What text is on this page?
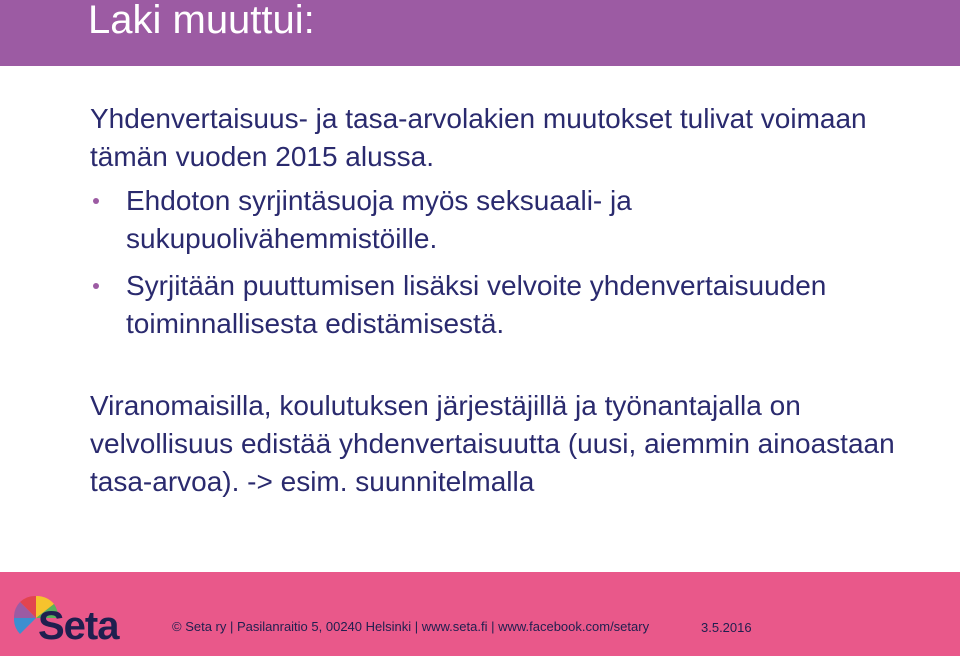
Laki muuttui:

Yhdenvertaisuus- ja tasa-arvolakien muutokset tulivat voimaan tämän vuoden 2015 alussa.

Ehdoton syrjintäsuoja myös seksuaali- ja sukupuolivähemmistöille.
Syrjitään puuttumisen lisäksi velvoite yhdenvertaisuuden toiminnallisesta edistämisestä.

Viranomaisilla, koulutuksen järjestäjillä ja työnantajalla on velvollisuus edistää yhdenvertaisuutta (uusi, aiemmin ainoastaan tasa-arvoa). -> esim. suunnitelmalla

Seta	© Seta ry | Pasilanraitio 5, 00240 Helsinki | www.seta.fi | www.facebook.com/setary	3.5.2016
